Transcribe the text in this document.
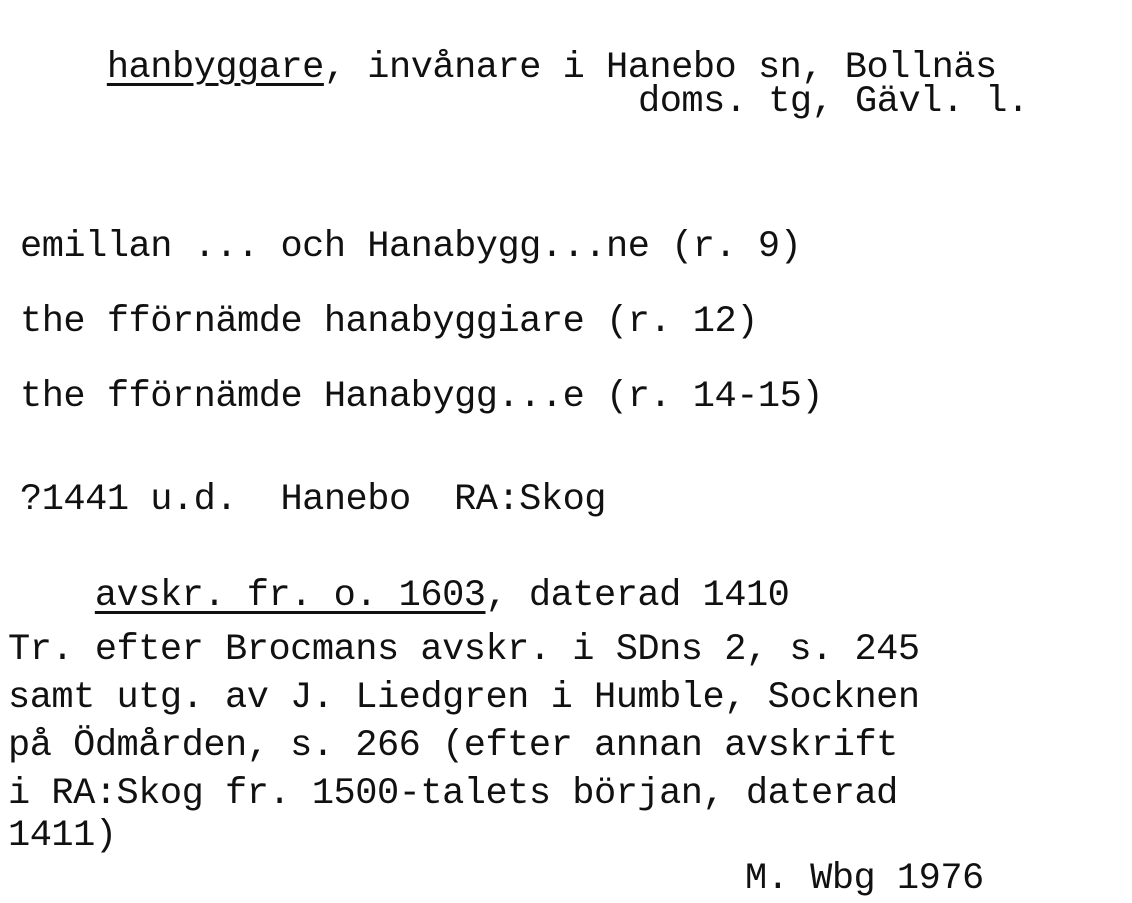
hanbyggare, invånare i Hanebo sn, Bollnäs

doms. tg, Gävl. l.
emillan ... och Hanabygg...ne (r. 9)
the fförnämde hanabyggiare (r. 12)
the fförnämde Hanabygg...e (r. 14-15)
?1441 u.d.  Hanebo  RA:Skog

avskr. fr. o. 1603, daterad 1410

Tr. efter Brocmans avskr. i SDns 2, s. 245
samt utg. av J. Liedgren i Humble, Socknen
på Ödmården, s. 266 (efter annan avskrift
i RA:Skog fr. 1500-talets början, daterad
1411)
M. Wbg 1976
